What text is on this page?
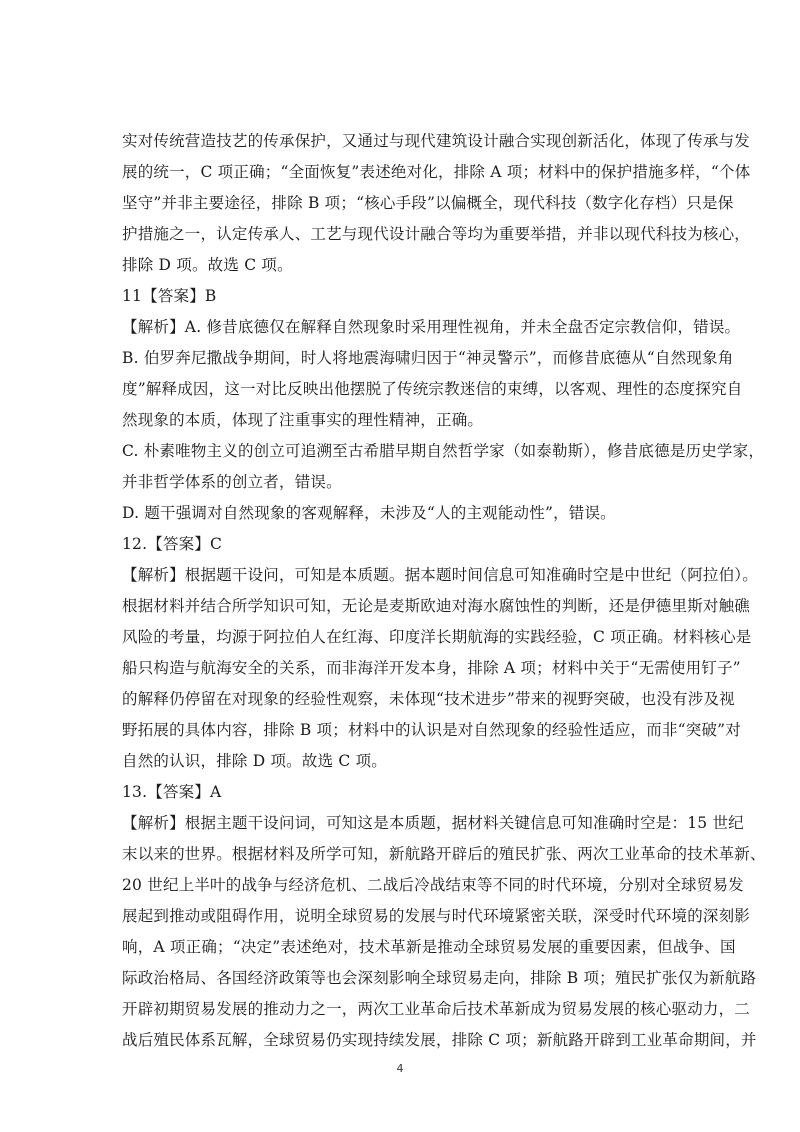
实对传统营造技艺的传承保护，又通过与现代建筑设计融合实现创新活化，体现了传承与发
展的统一，C 项正确；“全面恢复”表述绝对化，排除 A 项；材料中的保护措施多样，“个体
坚守”并非主要途径，排除 B 项；“核心手段”以偏概全，现代科技（数字化存档）只是保
护措施之一，认定传承人、工艺与现代设计融合等均为重要举措，并非以现代科技为核心，
排除 D 项。故选 C 项。
11【答案】B
【解析】A. 修昔底德仅在解释自然现象时采用理性视角，并未全盘否定宗教信仰，错误。
B. 伯罗奔尼撒战争期间，时人将地震海啸归因于“神灵警示”，而修昔底德从“自然现象角
度”解释成因，这一对比反映出他摆脱了传统宗教迷信的束缚，以客观、理性的态度探究自
然现象的本质，体现了注重事实的理性精神，正确。
C. 朴素唯物主义的创立可追溯至古希腊早期自然哲学家（如泰勒斯），修昔底德是历史学家，
并非哲学体系的创立者，错误。
D. 题干强调对自然现象的客观解释，未涉及“人的主观能动性”，错误。
12.【答案】C
【解析】根据题干设问，可知是本质题。据本题时间信息可知准确时空是中世纪（阿拉伯）。
根据材料并结合所学知识可知，无论是麦斯欧迪对海水腐蚀性的判断，还是伊德里斯对触礁
风险的考量，均源于阿拉伯人在红海、印度洋长期航海的实践经验，C 项正确。材料核心是
船只构造与航海安全的关系，而非海洋开发本身，排除 A 项；材料中关于“无需使用钉子”
的解释仍停留在对现象的经验性观察，未体现“技术进步”带来的视野突破，也没有涉及视
野拓展的具体内容，排除 B 项；材料中的认识是对自然现象的经验性适应，而非“突破”对
自然的认识，排除 D 项。故选 C 项。
13.【答案】A
【解析】根据主题干设问词，可知这是本质题，据材料关键信息可知准确时空是：15 世纪
末以来的世界。根据材料及所学可知，新航路开辟后的殖民扩张、两次工业革命的技术革新、
20 世纪上半叶的战争与经济危机、二战后冷战结束等不同的时代环境，分别对全球贸易发
展起到推动或阻碍作用，说明全球贸易的发展与时代环境紧密关联，深受时代环境的深刻影
响，A 项正确；“决定”表述绝对，技术革新是推动全球贸易发展的重要因素，但战争、国
际政治格局、各国经济政策等也会深刻影响全球贸易走向，排除 B 项；殖民扩张仅为新航路
开辟初期贸易发展的推动力之一，两次工业革命后技术革新成为贸易发展的核心驱动力，二
战后殖民体系瓦解，全球贸易仍实现持续发展，排除 C 项；新航路开辟到工业革命期间，并
4
